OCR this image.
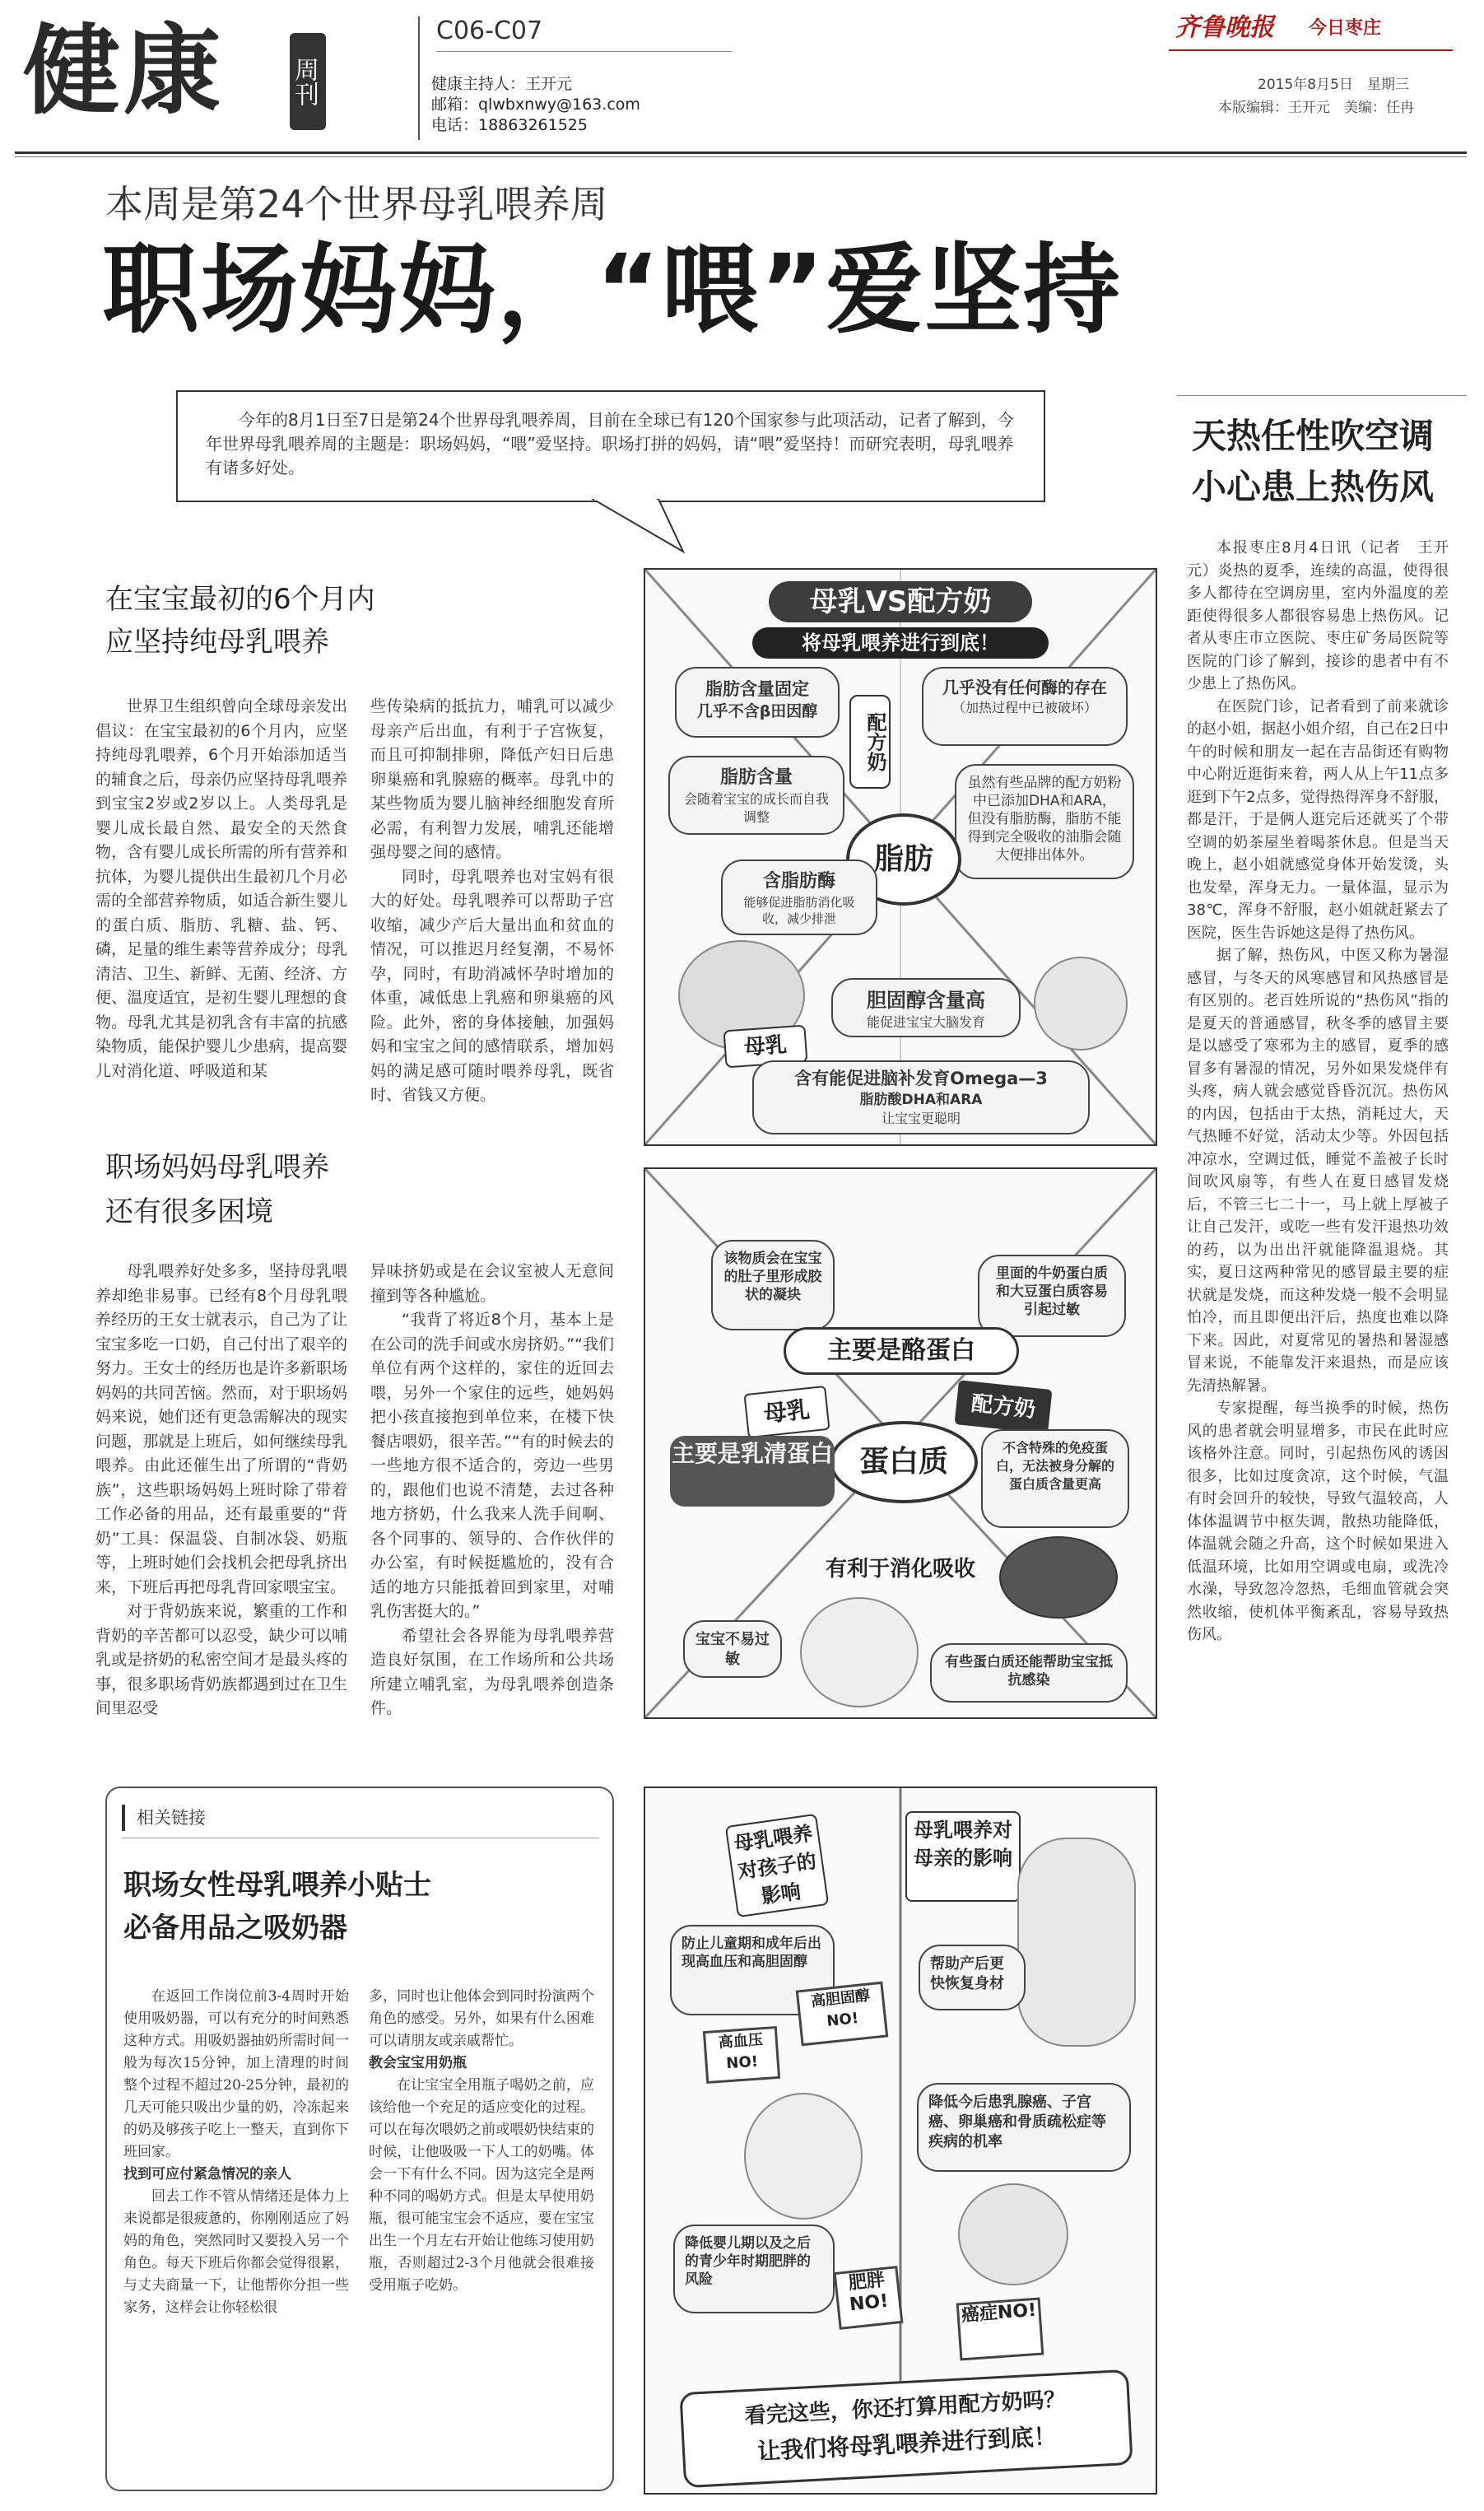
健康	周刊
C06-C07
健康主持人：王开元
邮箱：qlwbxnwy@163.com
电话：18863261525
齐鲁晚报 今日枣庄
2015年8月5日　星期三
本版编辑：王开元　美编：任冉
本周是第24个世界母乳喂养周
职场妈妈，“喂”爱坚持
今年的8月1日至7日是第24个世界母乳喂养周，目前在全球已有120个国家参与此项活动，记者了解到，今年世界母乳喂养周的主题是：职场妈妈，“喂”爱坚持。职场打拼的妈妈，请“喂”爱坚持！而研究表明，母乳喂养有诸多好处。
在宝宝最初的6个月内
应坚持纯母乳喂养

世界卫生组织曾向全球母亲发出倡议：在宝宝最初的6个月内，应坚持纯母乳喂养，6个月开始添加适当的辅食之后，母亲仍应坚持母乳喂养到宝宝2岁或2岁以上。人类母乳是婴儿成长最自然、最安全的天然食物，含有婴儿成长所需的所有营养和抗体，为婴儿提供出生最初几个月必需的全部营养物质，如适合新生婴儿的蛋白质、脂肪、乳糖、盐、钙、磷，足量的维生素等营养成分；母乳清洁、卫生、新鲜、无菌、经济、方便、温度适宜，是初生婴儿理想的食物。母乳尤其是初乳含有丰富的抗感染物质，能保护婴儿少患病，提高婴儿对消化道、呼吸道和某

些传染病的抵抗力，哺乳可以减少母亲产后出血，有利于子宫恢复，而且可抑制排卵，降低产妇日后患卵巢癌和乳腺癌的概率。母乳中的某些物质为婴儿脑神经细胞发育所必需，有利智力发展，哺乳还能增强母婴之间的感情。

同时，母乳喂养也对宝妈有很大的好处。母乳喂养可以帮助子宫收缩，减少产后大量出血和贫血的情况，可以推迟月经复潮，不易怀孕，同时，有助消减怀孕时增加的体重，减低患上乳癌和卵巢癌的风险。此外，密的身体接触，加强妈妈和宝宝之间的感情联系，增加妈妈的满足感可随时喂养母乳，既省时、省钱又方便。

职场妈妈母乳喂养
还有很多困境

母乳喂养好处多多，坚持母乳喂养却绝非易事。已经有8个月母乳喂养经历的王女士就表示，自己为了让宝宝多吃一口奶，自己付出了艰辛的努力。王女士的经历也是许多新职场妈妈的共同苦恼。然而，对于职场妈妈来说，她们还有更急需解决的现实问题，那就是上班后，如何继续母乳喂养。由此还催生出了所谓的“背奶族”，这些职场妈妈上班时除了带着工作必备的用品，还有最重要的“背奶”工具：保温袋、自制冰袋、奶瓶等，上班时她们会找机会把母乳挤出来，下班后再把母乳背回家喂宝宝。

对于背奶族来说，繁重的工作和背奶的辛苦都可以忍受，缺少可以哺乳或是挤奶的私密空间才是最头疼的事，很多职场背奶族都遇到过在卫生间里忍受

异味挤奶或是在会议室被人无意间撞到等各种尴尬。

“我背了将近8个月，基本上是在公司的洗手间或水房挤奶。”“我们单位有两个这样的，家住的近回去喂，另外一个家住的远些，她妈妈把小孩直接抱到单位来，在楼下快餐店喂奶，很辛苦。”“有的时候去的一些地方很不适合的，旁边一些男的，跟他们也说不清楚，去过各种地方挤奶，什么我来人洗手间啊、各个同事的、领导的、合作伙伴的办公室，有时候挺尴尬的，没有合适的地方只能抵着回到家里，对哺乳伤害挺大的。”

希望社会各界能为母乳喂养营造良好氛围，在工作场所和公共场所建立哺乳室，为母乳喂养创造条件。

相关链接
职场女性母乳喂养小贴士
必备用品之吸奶器

在返回工作岗位前3-4周时开始使用吸奶器，可以有充分的时间熟悉这种方式。用吸奶器抽奶所需时间一般为每次15分钟，加上清理的时间整个过程不超过20-25分钟，最初的几天可能只吸出少量的奶，冷冻起来的奶及够孩子吃上一整天，直到你下班回家。

找到可应付紧急情况的亲人

回去工作不管从情绪还是体力上来说都是很疲惫的，你刚刚适应了妈妈的角色，突然同时又要投入另一个角色。每天下班后你都会觉得很累，与丈夫商量一下，让他帮你分担一些家务，这样会让你轻松很

多，同时也让他体会到同时扮演两个角色的感受。另外，如果有什么困难可以请朋友或亲戚帮忙。

教会宝宝用奶瓶

在让宝宝全用瓶子喝奶之前，应该给他一个充足的适应变化的过程。可以在每次喂奶之前或喂奶快结束的时候，让他吸吸一下人工的奶嘴。体会一下有什么不同。因为这完全是两种不同的喝奶方式。但是太早使用奶瓶，很可能宝宝会不适应，要在宝宝出生一个月左右开始让他练习使用奶瓶，否则超过2-3个月他就会很难接受用瓶子吃奶。

母乳VS配方奶
将母乳喂养进行到底！
脂肪含量固定
几乎不含β田因醇
配方奶
几乎没有任何酶的存在
（加热过程中已被破坏）
脂肪含量
会随着宝宝的成长而自我调整
虽然有些品牌的配方奶粉中已添加DHA和ARA，但没有脂肪酶，脂肪不能得到完全吸收的油脂会随大便排出体外。
脂肪
含脂肪酶
能够促进脂肪消化吸收，减少排泄
母乳
胆固醇含量高
能促进宝宝大脑发育
含有能促进脑补发育Omega—3
脂肪酸DHA和ARA
让宝宝更聪明
该物质会在宝宝的肚子里形成胶状的凝块
里面的牛奶蛋白质和大豆蛋白质容易引起过敏
主要是酪蛋白
母乳	配方奶
蛋白质
主要是乳清蛋白	不含特殊的免疫蛋白，无法被身分解的蛋白质含量更高
有利于消化吸收
宝宝不易过敏	有些蛋白质还能帮助宝宝抵抗感染
母乳喂养对孩子的影响
母乳喂养对母亲的影响
防止儿童期和成年后出现高血压和高胆固醇
高血压NO!
高胆固醇NO!
帮助产后更快恢复身材
降低今后患乳腺癌、子宫癌、卵巢癌和骨质疏松症等疾病的机率
降低婴儿期以及之后的青少年时期肥胖的风险	肥胖NO!	癌症NO!
看完这些，你还打算用配方奶吗？
让我们将母乳喂养进行到底！
天热任性吹空调
小心患上热伤风

本报枣庄8月4日讯（记者　王开元）炎热的夏季，连续的高温，使得很多人都待在空调房里，室内外温度的差距使得很多人都很容易患上热伤风。记者从枣庄市立医院、枣庄矿务局医院等医院的门诊了解到，接诊的患者中有不少患上了热伤风。

在医院门诊，记者看到了前来就诊的赵小姐，据赵小姐介绍，自己在2日中午的时候和朋友一起在吉品街还有购物中心附近逛街来着，两人从上午11点多逛到下午2点多，觉得热得浑身不舒服，都是汗，于是俩人逛完后还就买了个带空调的奶茶屋坐着喝茶休息。但是当天晚上，赵小姐就感觉身体开始发烫，头也发晕，浑身无力。一量体温，显示为38℃，浑身不舒服，赵小姐就赶紧去了医院，医生告诉她这是得了热伤风。

据了解，热伤风，中医又称为暑湿感冒，与冬天的风寒感冒和风热感冒是有区别的。老百姓所说的“热伤风”指的是夏天的普通感冒，秋冬季的感冒主要是以感受了寒邪为主的感冒，夏季的感冒多有暑湿的情况，另外如果发烧伴有头疼，病人就会感觉昏昏沉沉。热伤风的内因，包括由于太热，消耗过大，天气热睡不好觉，活动太少等。外因包括冲凉水，空调过低，睡觉不盖被子长时间吹风扇等，有些人在夏日感冒发烧后，不管三七二十一，马上就上厚被子让自己发汗，或吃一些有发汗退热功效的药，以为出出汗就能降温退烧。其实，夏日这两种常见的感冒最主要的症状就是发烧，而这种发烧一般不会明显怕冷，而且即便出汗后，热度也难以降下来。因此，对夏常见的暑热和暑湿感冒来说，不能靠发汗来退热，而是应该先清热解暑。

专家提醒，每当换季的时候，热伤风的患者就会明显增多，市民在此时应该格外注意。同时，引起热伤风的诱因很多，比如过度贪凉，这个时候，气温有时会回升的较快，导致气温较高，人体体温调节中枢失调，散热功能降低，体温就会随之升高，这个时候如果进入低温环境，比如用空调或电扇，或洗冷水澡，导致忽冷忽热，毛细血管就会突然收缩，使机体平衡紊乱，容易导致热伤风。
